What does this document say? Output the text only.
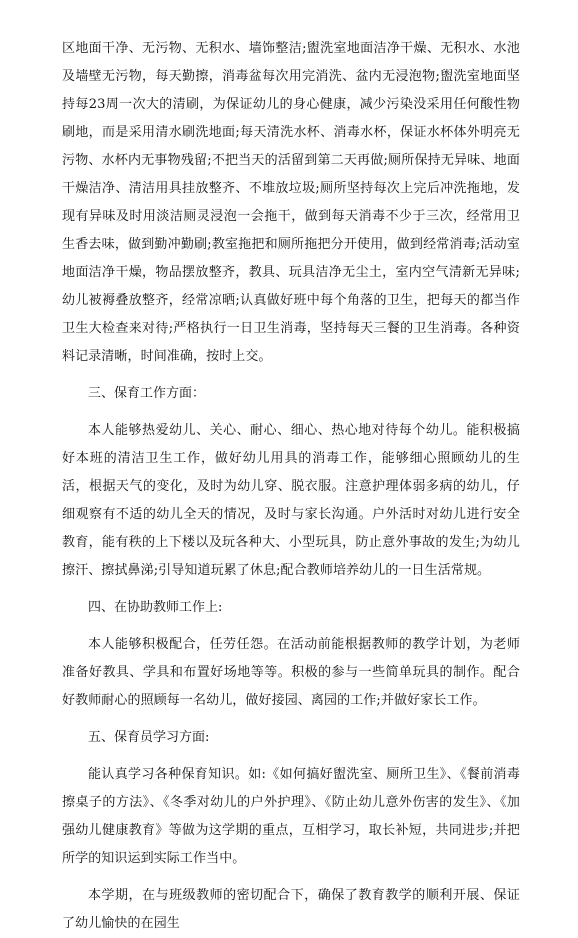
区地面干净、无污物、无积水、墙饰整洁;盥洗室地面洁净干燥、无积水、水池及墙壁无污物，每天勤擦，消毒盆每次用完消洗、盆内无浸泡物;盥洗室地面坚持每23周一次大的清刷，为保证幼儿的身心健康，减少污染没采用任何酸性物刷地，而是采用清水刷洗地面;每天清洗水杯、消毒水杯，保证水杯体外明亮无污物、水杯内无事物残留;不把当天的活留到第二天再做;厕所保持无异味、地面干燥洁净、清洁用具挂放整齐、不堆放垃圾;厕所坚持每次上完后冲洗拖地，发现有异味及时用淡洁厕灵浸泡一会拖干，做到每天消毒不少于三次，经常用卫生香去味，做到勤冲勤刷;教室拖把和厕所拖把分开使用，做到经常消毒;活动室地面洁净干燥，物品摆放整齐，教具、玩具洁净无尘土，室内空气清新无异味;幼儿被褥叠放整齐，经常凉晒;认真做好班中每个角落的卫生，把每天的都当作卫生大检查来对待;严格执行一日卫生消毒，坚持每天三餐的卫生消毒。各种资料记录清晰，时间准确，按时上交。

三、保育工作方面：

本人能够热爱幼儿、关心、耐心、细心、热心地对待每个幼儿。能积极搞好本班的清洁卫生工作，做好幼儿用具的消毒工作，能够细心照顾幼儿的生活，根据天气的变化，及时为幼儿穿、脱衣服。注意护理体弱多病的幼儿，仔细观察有不适的幼儿全天的情况，及时与家长沟通。户外活时对幼儿进行安全教育，能有秩的上下楼以及玩各种大、小型玩具，防止意外事故的发生;为幼儿擦汗、擦拭鼻涕;引导知道玩累了休息;配合教师培养幼儿的一日生活常规。

四、在协助教师工作上:

本人能够积极配合，任劳任怨。在活动前能根据教师的教学计划，为老师准备好教具、学具和布置好场地等等。积极的参与一些简单玩具的制作。配合好教师耐心的照顾每一名幼儿，做好接园、离园的工作;并做好家长工作。

五、保育员学习方面:

能认真学习各种保育知识。如:《如何搞好盥洗室、厕所卫生》、《餐前消毒擦桌子的方法》、《冬季对幼儿的户外护理》、《防止幼儿意外伤害的发生》、《加强幼儿健康教育》等做为这学期的重点，互相学习，取长补短，共同进步;并把所学的知识运到实际工作当中。

本学期，在与班级教师的密切配合下，确保了教育教学的顺利开展、保证了幼儿愉快的在园生
